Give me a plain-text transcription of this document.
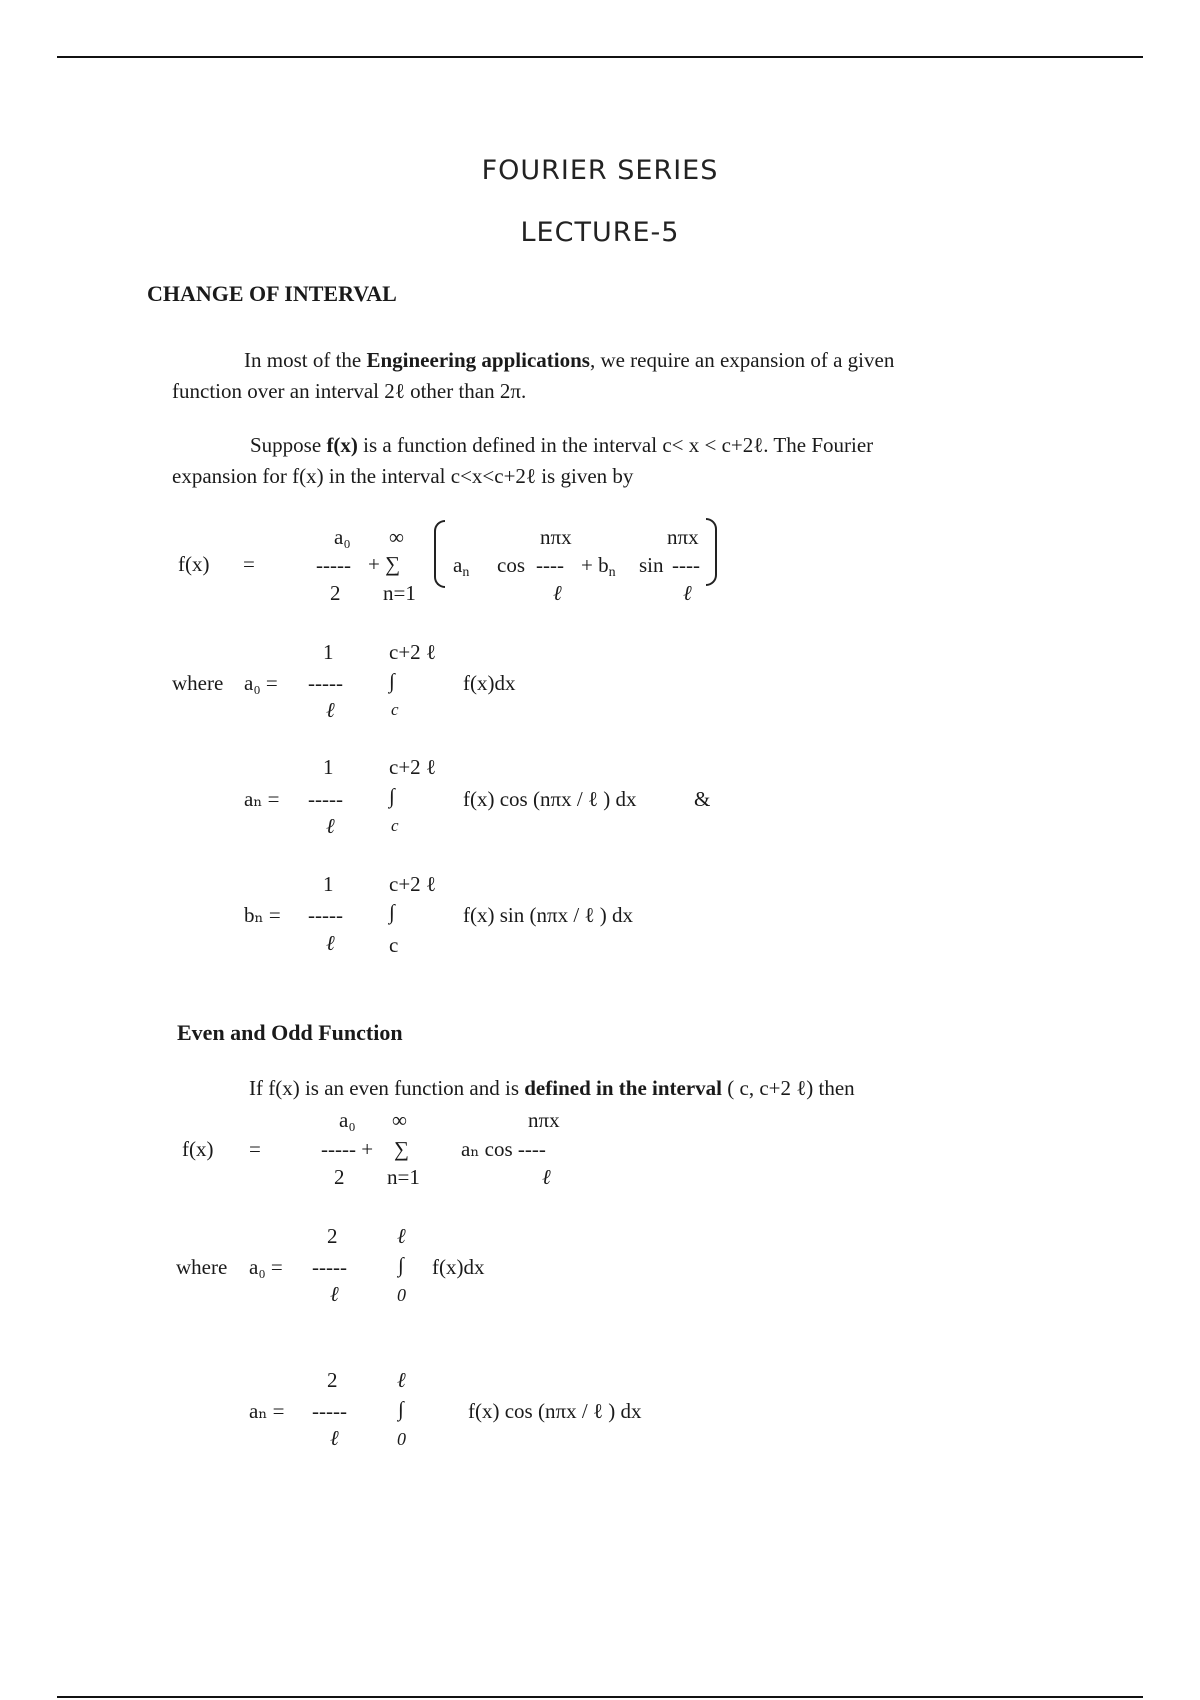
FOURIER SERIES
LECTURE-5
CHANGE OF INTERVAL
In most of the Engineering applications, we require an expansion of a given
function over an interval 2ℓ other than 2π.
Suppose f(x) is a function defined in the interval c< x < c+2ℓ. The Fourier
expansion for f(x) in the interval c<x<c+2ℓ is given by
f(x) =
a₀ ∞
----- + ∑
2 n=1
$a_n$ cos
nπx
----
ℓ
+ $b_n$ sin
nπx
----
ℓ
where a₀ =
1
-----
ℓ
c+2 ℓ
∫
c
f(x)dx
aₙ =
1
-----
ℓ
c+2 ℓ
∫
c
f(x) cos (nπx / ℓ ) dx	&
bₙ =
1
-----
ℓ
c+2 ℓ
∫
c
f(x) sin (nπx / ℓ ) dx
Even and Odd Function
If f(x) is an even function and is defined in the interval ( c, c+2 ℓ) then
f(x) =
a₀ ∞
----- + ∑
2 n=1
aₙ cos ----
nπx
ℓ
where a₀ =
2
-----
ℓ
ℓ
∫
0
f(x)dx
aₙ =
2
-----
ℓ
ℓ
∫
0
f(x) cos (nπx / ℓ ) dx
